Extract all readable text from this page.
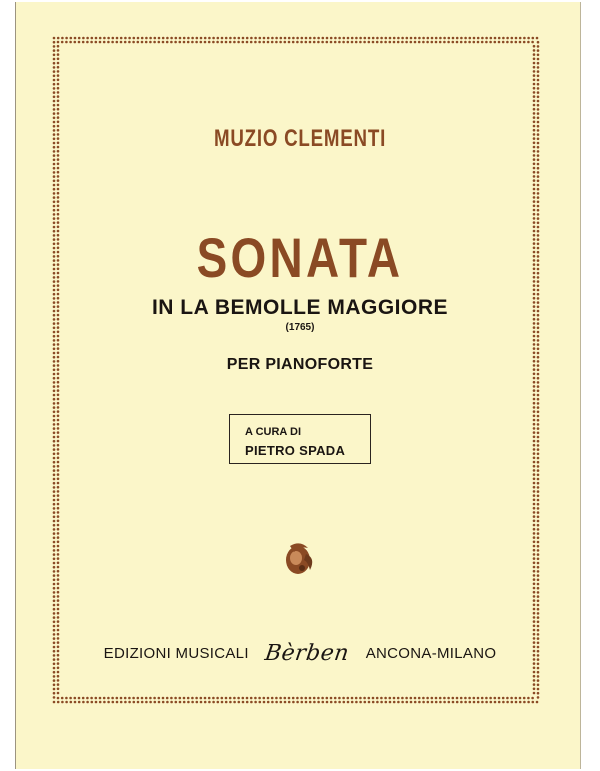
MUZIO CLEMENTI
SONATA
IN LA BEMOLLE MAGGIORE
(1765)
PER PIANOFORTE
A CURA DI
PIETRO SPADA
EDIZIONI MUSICALI Bèrben ANCONA-MILANO
